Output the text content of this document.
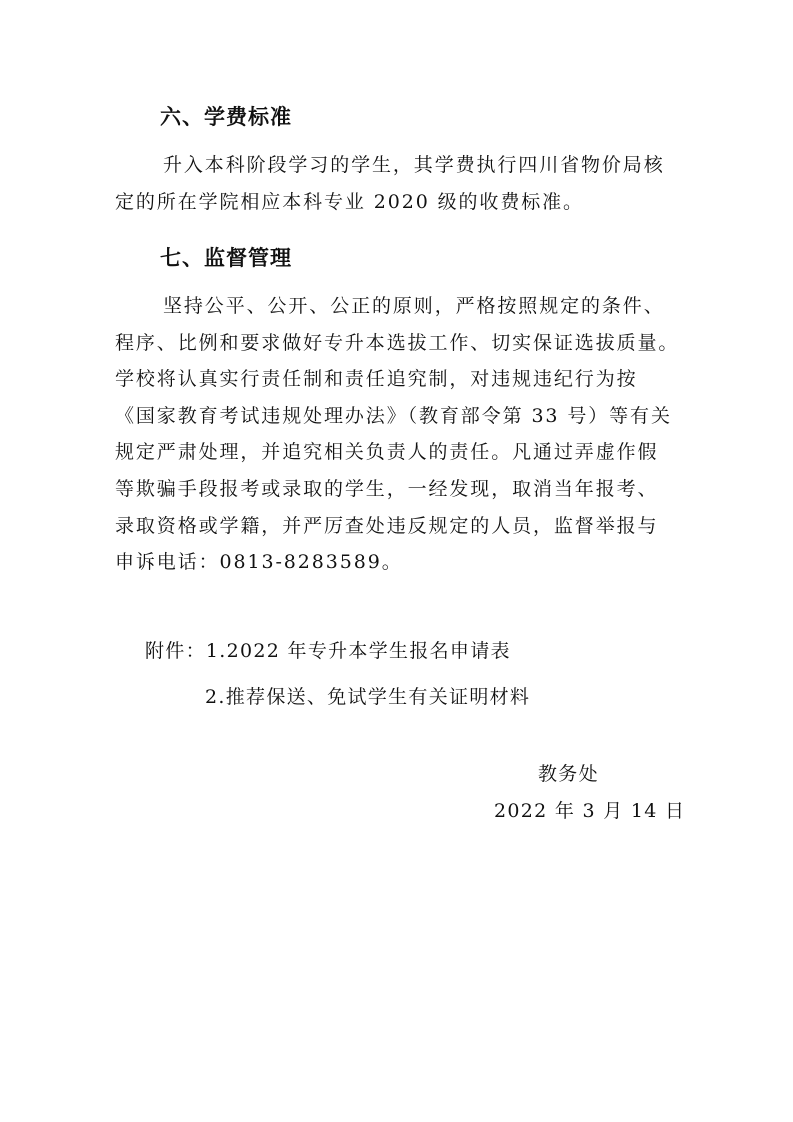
六、学费标准
升入本科阶段学习的学生，其学费执行四川省物价局核
定的所在学院相应本科专业 2020 级的收费标准。
七、监督管理
坚持公平、公开、公正的原则，严格按照规定的条件、
程序、比例和要求做好专升本选拔工作、切实保证选拔质量。
学校将认真实行责任制和责任追究制，对违规违纪行为按
《国家教育考试违规处理办法》（教育部令第 33 号）等有关
规定严肃处理，并追究相关负责人的责任。凡通过弄虚作假
等欺骗手段报考或录取的学生，一经发现，取消当年报考、
录取资格或学籍，并严厉查处违反规定的人员，监督举报与
申诉电话：0813-8283589。
附件：1.2022 年专升本学生报名申请表
2.推荐保送、免试学生有关证明材料
教务处
2022 年 3 月 14 日
